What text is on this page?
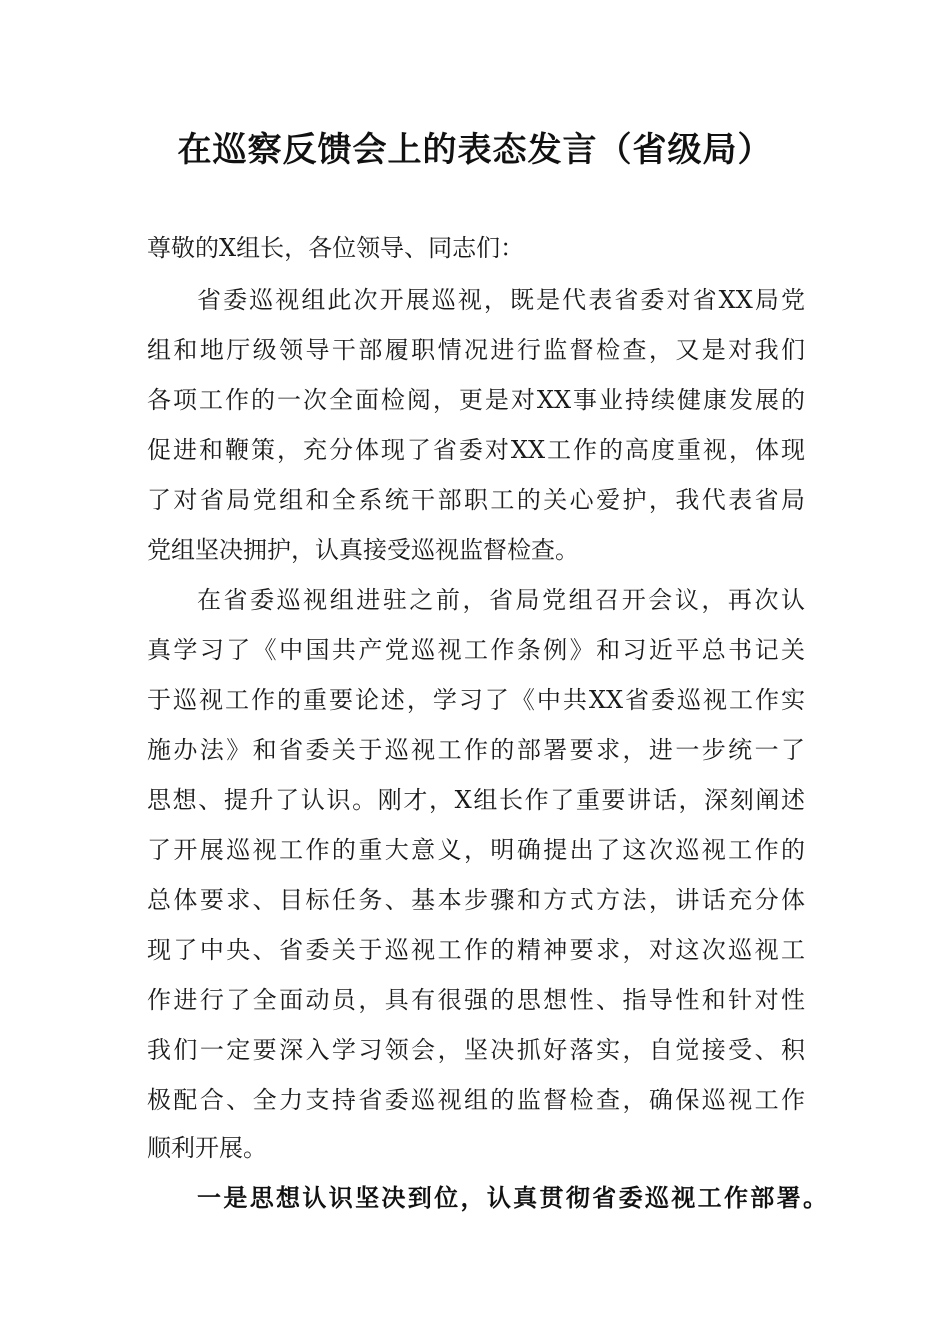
在巡察反馈会上的表态发言（省级局）
尊敬的X组长，各位领导、同志们：
省委巡视组此次开展巡视，既是代表省委对省XX局党
组和地厅级领导干部履职情况进行监督检查，又是对我们
各项工作的一次全面检阅，更是对XX事业持续健康发展的
促进和鞭策，充分体现了省委对XX工作的高度重视，体现
了对省局党组和全系统干部职工的关心爱护，我代表省局
党组坚决拥护，认真接受巡视监督检查。
在省委巡视组进驻之前，省局党组召开会议，再次认
真学习了《中国共产党巡视工作条例》和习近平总书记关
于巡视工作的重要论述，学习了《中共XX省委巡视工作实
施办法》和省委关于巡视工作的部署要求，进一步统一了
思想、提升了认识。刚才，X组长作了重要讲话，深刻阐述
了开展巡视工作的重大意义，明确提出了这次巡视工作的
总体要求、目标任务、基本步骤和方式方法，讲话充分体
现了中央、省委关于巡视工作的精神要求，对这次巡视工
作进行了全面动员，具有很强的思想性、指导性和针对性
我们一定要深入学习领会，坚决抓好落实，自觉接受、积
极配合、全力支持省委巡视组的监督检查，确保巡视工作
顺利开展。
一是思想认识坚决到位，认真贯彻省委巡视工作部署。
